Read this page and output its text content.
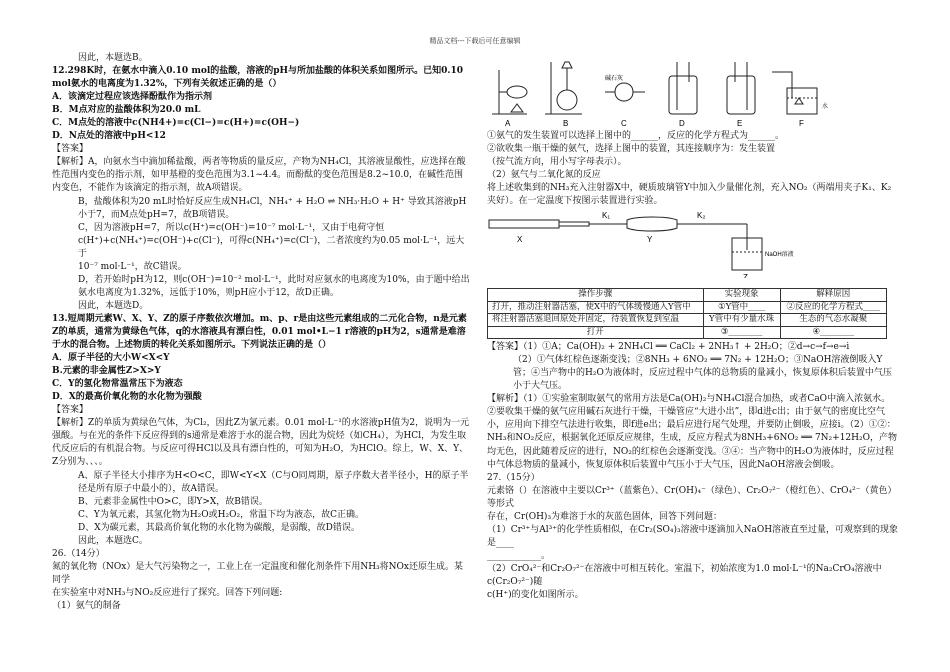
精品文档---下载后可任意编辑
因此，本题选B。
12.298K时，在氨水中滴入0.10 mol的盐酸，溶液的pH与所加盐酸的体积关系如图所示。已知0.10 mol氨水的电离度为1.32%，下列有关叙述正确的是（）
A．该滴定过程应该选择酚酞作为指示剂
B．M点对应的盐酸体积为20.0 mL
C．M点处的溶液中c(NH4+)=c(Cl−)=c(H+)=c(OH−)
D．N点处的溶液中pH<12
【答案】
【解析】A，向氨水当中滴加稀盐酸，两者等物质的量反应，产物为NH₄Cl，其溶液显酸性，应选择在酸性范围内变色的指示剂，如甲基橙的变色范围为3.1~4.4。而酚酞的变色范围是8.2~10.0，在碱性范围内变色，不能作为该滴定的指示剂，故A项错误。
B，盐酸体积为20 mL时恰好反应生成NH₄Cl，NH₄⁺ + H₂O ⇌ NH₃·H₂O + H⁺ 导致其溶液pH小于7，而M点处pH=7，故B项错误。
C，因为溶液pH=7，所以c(H⁺)=c(OH⁻)=10⁻⁷ mol·L⁻¹，又由于电荷守恒
c(H⁺)+c(NH₄⁺)=c(OH⁻)+c(Cl⁻)，可得c(NH₄⁺)=c(Cl⁻)，二者浓度约为0.05 mol·L⁻¹，远大于
10⁻⁷ mol·L⁻¹，故C错误。
D，若开始时pH为12，则c(OH⁻)=10⁻² mol·L⁻¹，此时对应氨水的电离度为10%，由于题中给出氨水电离度为1.32%，远低于10%，则pH应小于12，故D正确。
因此，本题选D。
13.短周期元素W、X、Y、Z的原子序数依次增加。m、p、r是由这些元素组成的二元化合物，n是元素Z的单质，通常为黄绿色气体，q的水溶液具有漂白性，0.01 mol•L−1 r溶液的pH为2，s通常是难溶于水的混合物。上述物质的转化关系如图所示。下列说法正确的是（）
A．原子半径的大小W<X<Y
B.元素的非金属性Z>X>Y
C．Y的氢化物常温常压下为液态
D．X的最高价氧化物的水化物为强酸
【答案】
【解析】Z的单质为黄绿色气体，为Cl₂，因此Z为氯元素。0.01 mol·L⁻¹的水溶液pH值为2，说明为一元强酸。与在光的条件下反应得到的s通常是难溶于水的混合物，因此为烷烃（如CH₄），为HCl，为发生取代反应后的有机混合物。与反应可得HCl以及具有漂白性的，可知为H₂O，为HClO。综上，W、X、Y、Z分别为、、、。
A、原子半径大小排序为H<O<C，即W<Y<X（C与O同周期，原子序数大者半径小，H的原子半径是所有原子中最小的），故A错误。
B、元素非金属性中O>C，即Y>X，故B错误。
C、Y为氧元素，其氢化物为H₂O或H₂O₂，常温下均为液态，故C正确。
D、X为碳元素，其最高价氧化物的水化物为碳酸，是弱酸，故D错误。
因此，本题选C。
26.（14分）
氮的氧化物（NOx）是大气污染物之一，工业上在一定温度和催化剂条件下用NH₃将NOx还原生成。某同学
在实验室中对NH₃与NO₂反应进行了探究。回答下列问题:
（1）氨气的制备
A	B	C	D	E	F
碱石灰
水
①氨气的发生装置可以选择上图中的______，反应的化学方程式为______。
②欲收集一瓶干燥的氨气，选择上图中的装置，其连接顺序为：发生装置
（按气流方向，用小写字母表示）。
（2）氨气与二氧化氮的反应
将上述收集到的NH₃充入注射器X中，硬质玻璃管Y中加入少量催化剂，充入NO₂（两端用夹子K₁、K₂夹好）。在一定温度下按图示装置进行实验。
X	Y
Z
K₁	K₂
NaOH溶液
操作步骤	实验现象	解释原因
打开，推动注射器活塞，使X中的气体缓慢通入Y管中	①Y管中____	②反应的化学方程式____
将注射器活塞退回原处并固定，待装置恢复到室温	Y管中有少量水珠	生态的气态水凝聚
打开	③________	④________
【答案】（1）①A；Ca(OH)₂ + 2NH₄Cl ══ CaCl₂ + 2NH₃↑ + 2H₂O；②d→c→f→e→i
（2）①气体红棕色逐渐变浅；②8NH₃ + 6NO₂ ══ 7N₂ + 12H₂O；③NaOH溶液倒吸入Y管；④当产物中的H₂O为液体时，反应过程中气体的总物质的量减小，恢复原体积后装置中气压小于大气压。
【解析】（1）①实验室制取氨气的常用方法是Ca(OH)₂与NH₄Cl混合加热，或者CaO中滴入浓氨水。②要收集干燥的氨气应用碱石灰进行干燥，干燥管应“大进小出”，即d进c出；由于氨气的密度比空气小，应用向下排空气法进行收集，即f进e出；最后应进行尾气处理，并要防止倒吸，应接i。（2）①②：NH₃和NO₂反应，根据氧化还原反应规律，生成，反应方程式为8NH₃+6NO₂ ══ 7N₂+12H₂O，产物均无色，因此随着反应的进行，NO₂的红棕色会逐渐变浅。③④：当产物中的H₂O为液体时，反应过程中气体总物质的量减小，恢复原体积后装置中气压小于大气压，因此NaOH溶液会倒吸。
27.（15分）
元素铬（）在溶液中主要以Cr³⁺（蓝紫色）、Cr(OH)₄⁻（绿色）、Cr₂O₇²⁻（橙红色）、CrO₄²⁻（黄色）等形式
存在，Cr(OH)₃为难溶于水的灰蓝色固体，回答下列问题：
（1）Cr³⁺与Al³⁺的化学性质相似，在Cr₂(SO₄)₃溶液中逐滴加入NaOH溶液直至过量，可观察到的现象是____
____________。
（2）CrO₄²⁻和Cr₂O₇²⁻在溶液中可相互转化。室温下，初始浓度为1.0 mol·L⁻¹的Na₂CrO₄溶液中c(Cr₂O₇²⁻)随
c(H⁺)的变化如图所示。
